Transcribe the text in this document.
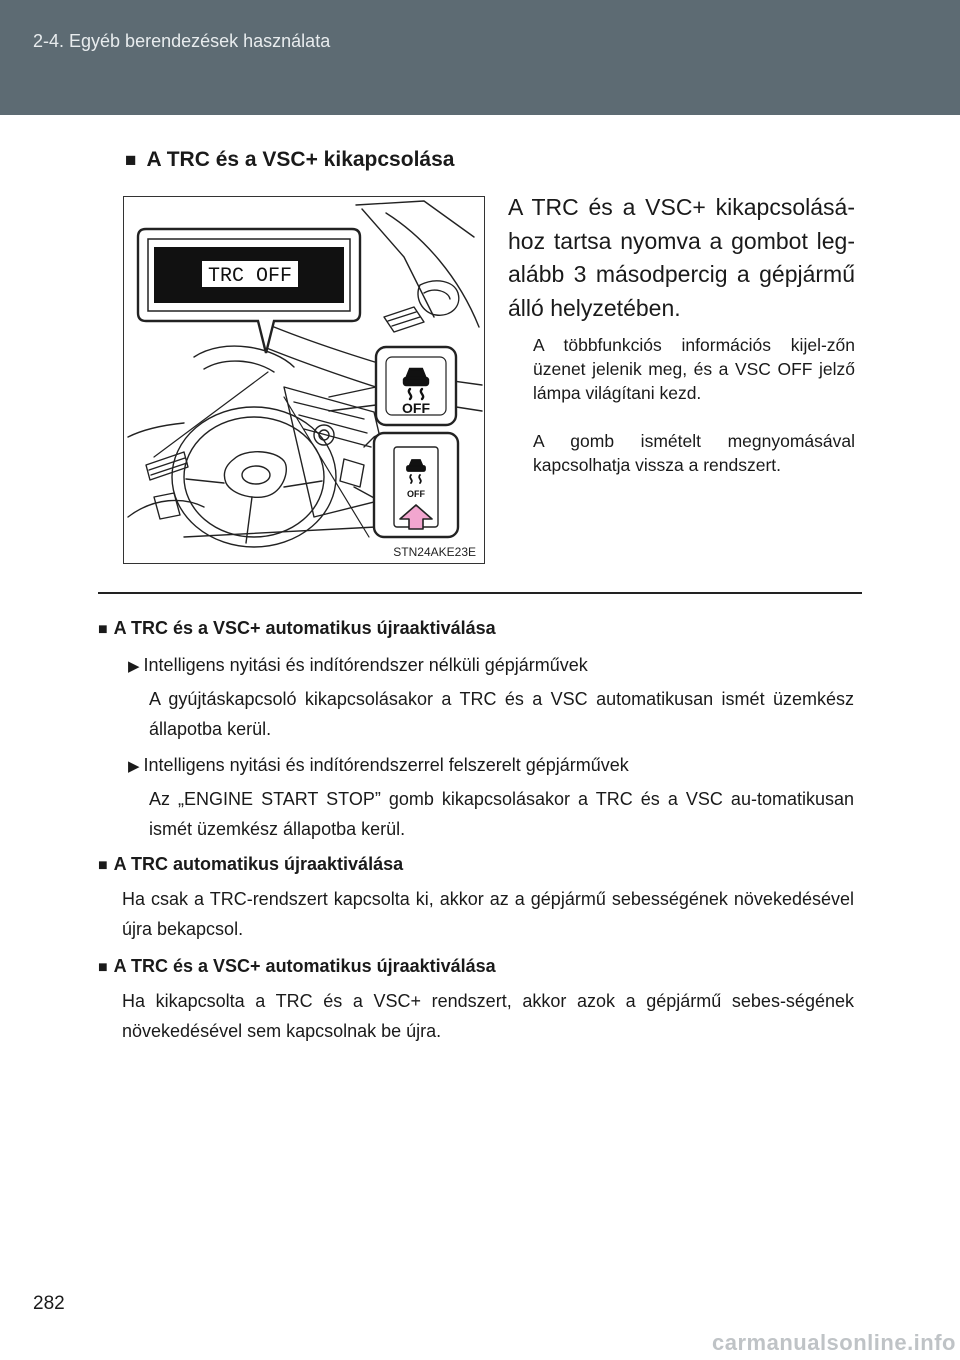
2-4. Egyéb berendezések használata
■ A TRC és a VSC+ kikapcsolása
TRC OFF
OFF
OFF
STN24AKE23E

A TRC és a VSC+ kikapcsolásá-hoz tartsa nyomva a gombot leg-alább 3 másodpercig a gépjármű álló helyzetében.

A többfunkciós információs kijel-zőn üzenet jelenik meg, és a VSC OFF jelző lámpa világítani kezd.

A gomb ismételt megnyomásával kapcsolhatja vissza a rendszert.

■ A TRC és a VSC+ automatikus újraaktiválása

▶ Intelligens nyitási és indítórendszer nélküli gépjárművek

A gyújtáskapcsoló kikapcsolásakor a TRC és a VSC automatikusan ismét üzemkész állapotba kerül.

▶ Intelligens nyitási és indítórendszerrel felszerelt gépjárművek

Az „ENGINE START STOP” gomb kikapcsolásakor a TRC és a VSC au-tomatikusan ismét üzemkész állapotba kerül.

■ A TRC automatikus újraaktiválása

Ha csak a TRC-rendszert kapcsolta ki, akkor az a gépjármű sebességének növekedésével újra bekapcsol.

■ A TRC és a VSC+ automatikus újraaktiválása

Ha kikapcsolta a TRC és a VSC+ rendszert, akkor azok a gépjármű sebes-ségének növekedésével sem kapcsolnak be újra.

282
carmanualsonline.info
